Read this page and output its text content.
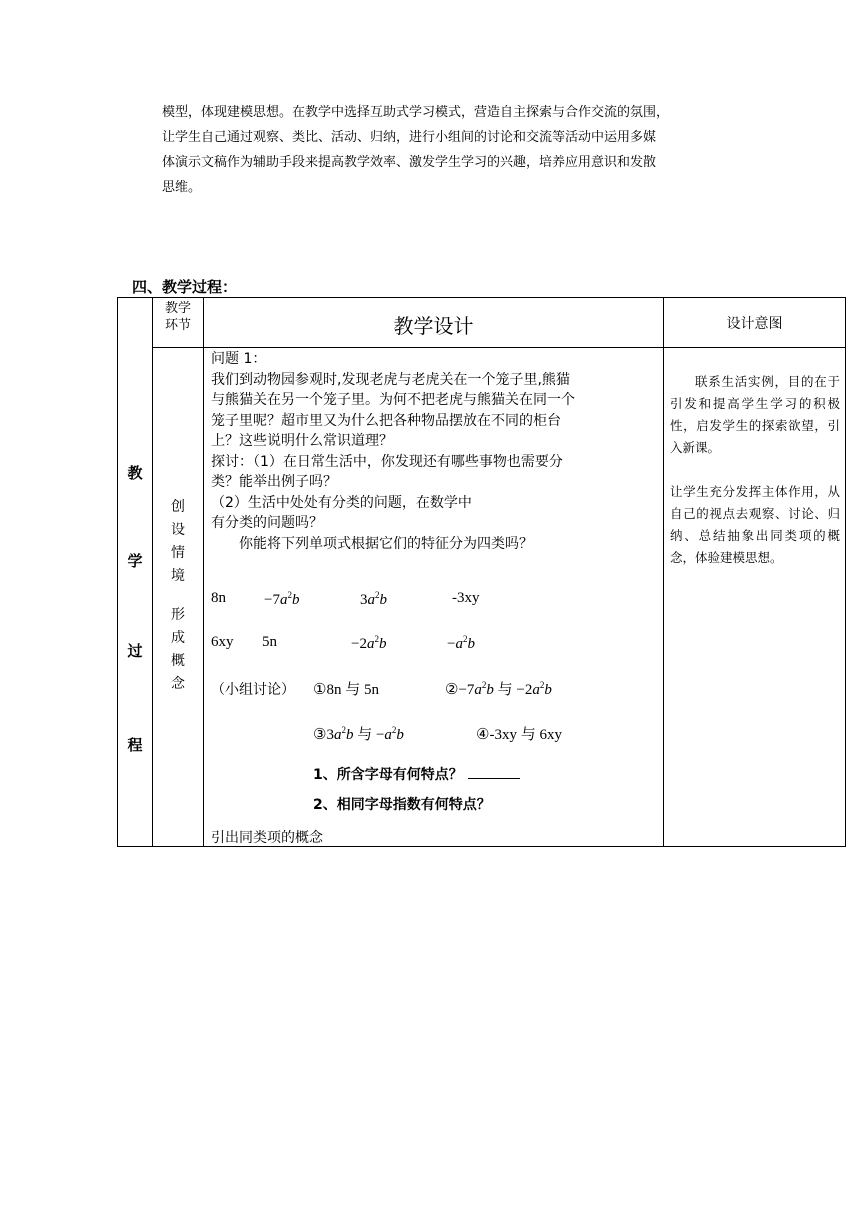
模型，体现建模思想。在教学中选择互助式学习模式，营造自主探索与合作交流的氛围，
让学生自己通过观察、类比、活动、归纳，进行小组间的讨论和交流等活动中运用多媒
体演示文稿作为辅助手段来提高教学效率、激发学生学习的兴趣，培养应用意识和发散
思维。
四、教学过程：
教学
环节	教学设计	设计意图
教
学
过
程
创
设
情
境
形
成
概
念
问题 1：
我们到动物园参观时,发现老虎与老虎关在一个笼子里,熊猫
与熊猫关在另一个笼子里。为何不把老虎与熊猫关在同一个
笼子里呢？超市里又为什么把各种物品摆放在不同的柜台
上？这些说明什么常识道理？
探讨：（1）在日常生活中，你发现还有哪些事物也需要分
类？能举出例子吗？
（2）生活中处处有分类的问题，在数学中
有分类的问题吗？
你能将下列单项式根据它们的特征分为四类吗？
8n	$-7a^2b$	$3a^2b$	-3xy
6xy 5n	$-2a^2b$	$-a^2b$
（小组讨论） ①8n 与 5n	$②-7a^2b$ 与 $-2a^2b$
$③3a^2b$ 与 $-a^2b$	④-3xy 与 6xy
1、所含字母有何特点？
2、相同字母指数有何特点？
引出同类项的概念
联系生活实例，目的在于引发和提高学生学习的积极性，启发学生的探索欲望，引入新课。
让学生充分发挥主体作用，从自己的视点去观察、讨论、归纳、总结抽象出同类项的概念，体验建模思想。
